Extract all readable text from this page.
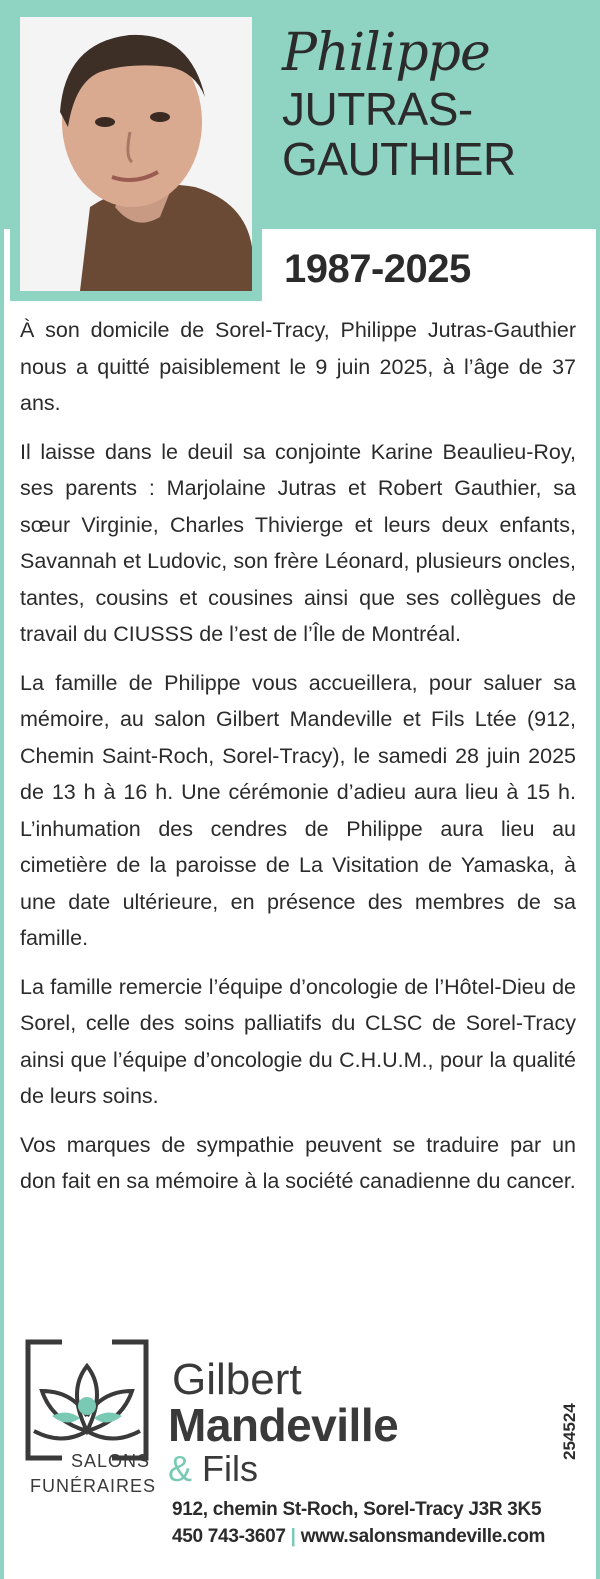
Philippe
JUTRAS-
GAUTHIER
1987-2025

À son domicile de Sorel-Tracy, Philippe Jutras-Gauthier nous a quitté paisiblement le 9 juin 2025, à l’âge de 37 ans.

Il laisse dans le deuil sa conjointe Karine Beaulieu-Roy, ses parents : Marjolaine Jutras et Robert Gauthier, sa sœur Virginie, Charles Thivierge et leurs deux enfants, Savannah et Ludovic, son frère Léonard, plusieurs oncles, tantes, cousins et cousines ainsi que ses collègues de travail du CIUSSS de l’est de l’Île de Montréal.

La famille de Philippe vous accueillera, pour saluer sa mémoire, au salon Gilbert Mandeville et Fils Ltée (912, Chemin Saint-Roch, Sorel-Tracy), le samedi 28 juin 2025 de 13 h à 16 h. Une cérémonie d’adieu aura lieu à 15 h. L’inhumation des cendres de Philippe aura lieu au cimetière de la paroisse de La Visitation de Yamaska, à une date ultérieure, en présence des membres de sa famille.

La famille remercie l’équipe d’oncologie de l’Hôtel-Dieu de Sorel, celle des soins palliatifs du CLSC de Sorel-Tracy ainsi que l’équipe d’oncologie du C.H.U.M., pour la qualité de leurs soins.

Vos marques de sympathie peuvent se traduire par un don fait en sa mémoire à la société canadienne du cancer.

SALONS
FUNÉRAIRES
Gilbert
Mandeville
& Fils
912, chemin St-Roch, Sorel-Tracy J3R 3K5
450 743-3607 | www.salonsmandeville.com
254524
